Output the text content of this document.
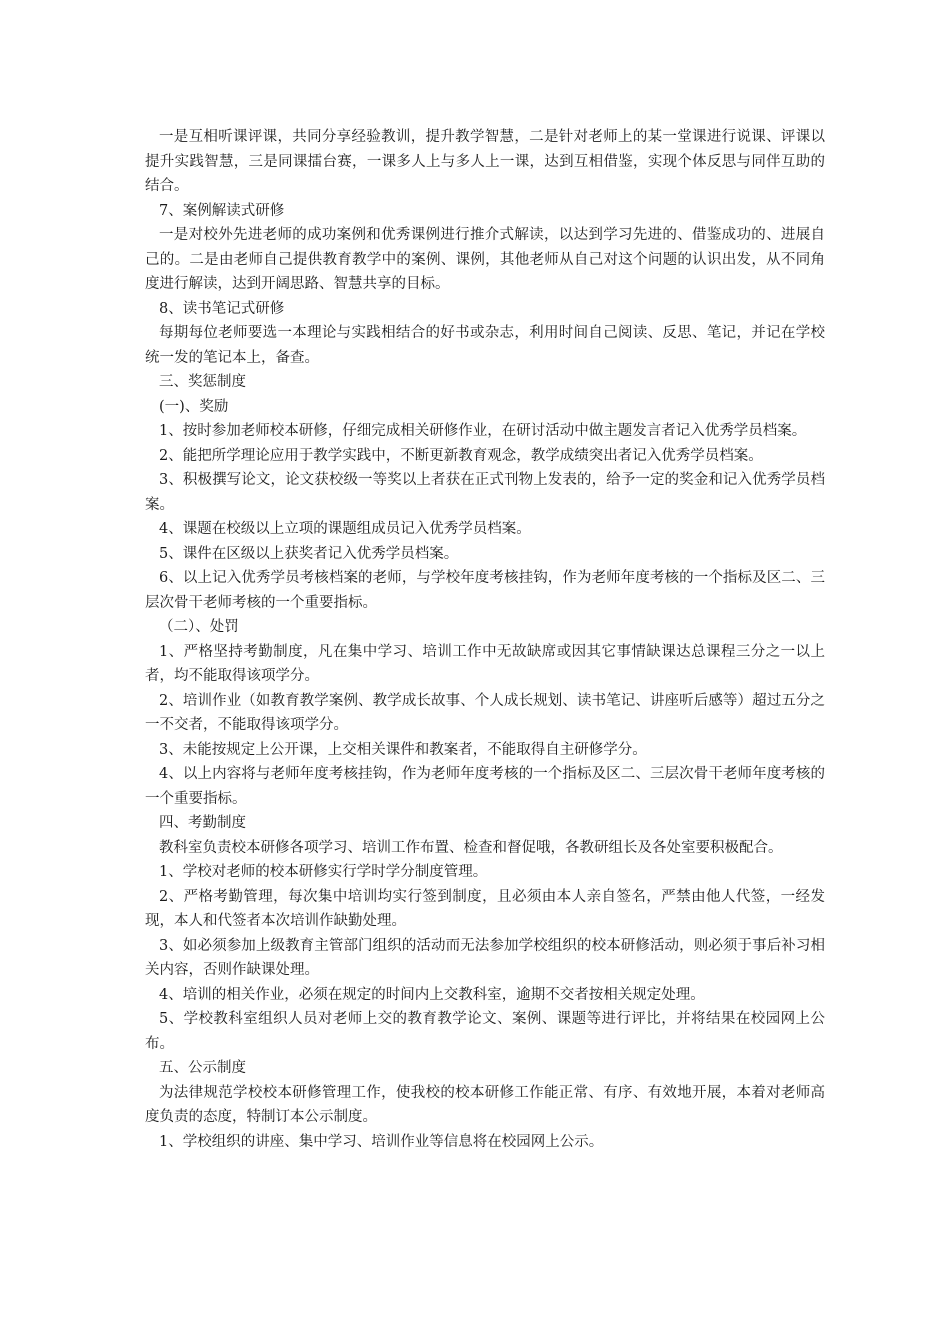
一是互相听课评课，共同分享经验教训，提升教学智慧，二是针对老师上的某一堂课进行说课、评课以提升实践智慧，三是同课擂台赛，一课多人上与多人上一课，达到互相借鉴，实现个体反思与同伴互助的结合。

7、案例解读式研修

一是对校外先进老师的成功案例和优秀课例进行推介式解读，以达到学习先进的、借鉴成功的、进展自己的。二是由老师自己提供教育教学中的案例、课例，其他老师从自己对这个问题的认识出发，从不同角度进行解读，达到开阔思路、智慧共享的目标。

8、读书笔记式研修

每期每位老师要选一本理论与实践相结合的好书或杂志，利用时间自己阅读、反思、笔记，并记在学校统一发的笔记本上，备查。

三、奖惩制度

(一)、奖励

1、按时参加老师校本研修，仔细完成相关研修作业，在研讨活动中做主题发言者记入优秀学员档案。

2、能把所学理论应用于教学实践中，不断更新教育观念，教学成绩突出者记入优秀学员档案。

3、积极撰写论文，论文获校级一等奖以上者获在正式刊物上发表的，给予一定的奖金和记入优秀学员档案。

4、课题在校级以上立项的课题组成员记入优秀学员档案。

5、课件在区级以上获奖者记入优秀学员档案。

6、以上记入优秀学员考核档案的老师，与学校年度考核挂钩，作为老师年度考核的一个指标及区二、三层次骨干老师考核的一个重要指标。

（二）、处罚

1、严格坚持考勤制度，凡在集中学习、培训工作中无故缺席或因其它事情缺课达总课程三分之一以上者，均不能取得该项学分。

2、培训作业（如教育教学案例、教学成长故事、个人成长规划、读书笔记、讲座听后感等）超过五分之一不交者，不能取得该项学分。

3、未能按规定上公开课，上交相关课件和教案者，不能取得自主研修学分。

4、以上内容将与老师年度考核挂钩，作为老师年度考核的一个指标及区二、三层次骨干老师年度考核的一个重要指标。

四、考勤制度

教科室负责校本研修各项学习、培训工作布置、检查和督促哦，各教研组长及各处室要积极配合。

1、学校对老师的校本研修实行学时学分制度管理。

2、严格考勤管理，每次集中培训均实行签到制度，且必须由本人亲自签名，严禁由他人代签，一经发现，本人和代签者本次培训作缺勤处理。

3、如必须参加上级教育主管部门组织的活动而无法参加学校组织的校本研修活动，则必须于事后补习相关内容，否则作缺课处理。

4、培训的相关作业，必须在规定的时间内上交教科室，逾期不交者按相关规定处理。

5、学校教科室组织人员对老师上交的教育教学论文、案例、课题等进行评比，并将结果在校园网上公布。

五、公示制度

为法律规范学校校本研修管理工作，使我校的校本研修工作能正常、有序、有效地开展，本着对老师高度负责的态度，特制订本公示制度。

1、学校组织的讲座、集中学习、培训作业等信息将在校园网上公示。
